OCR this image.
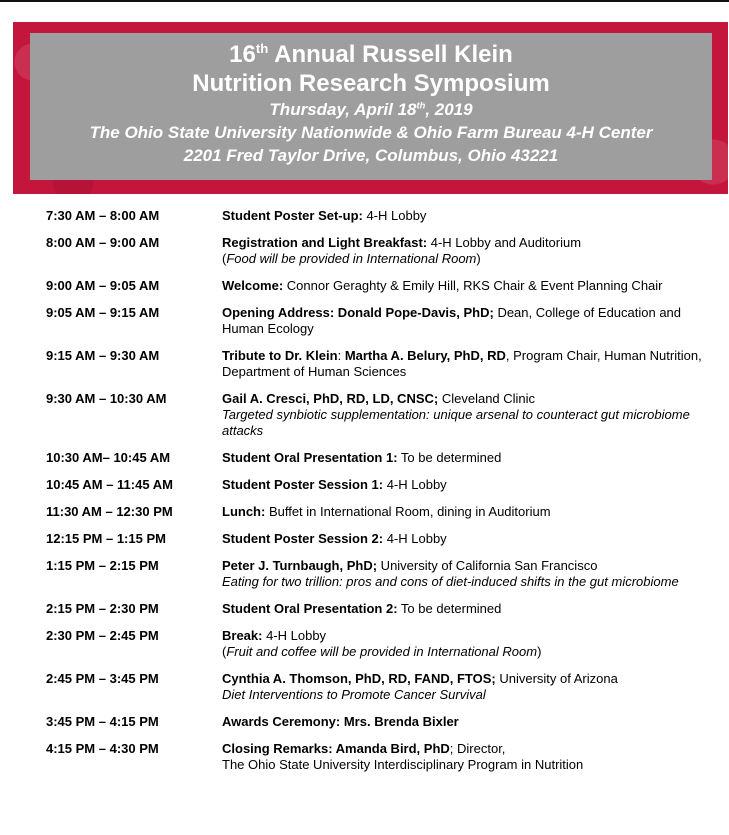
16th Annual Russell Klein
Nutrition Research Symposium
Thursday, April 18th, 2019
The Ohio State University Nationwide & Ohio Farm Bureau 4-H Center
2201 Fred Taylor Drive, Columbus, Ohio 43221
7:30 AM – 8:00 AM	Student Poster Set-up: 4-H Lobby
8:00 AM – 9:00 AM	Registration and Light Breakfast: 4-H Lobby and Auditorium
(Food will be provided in International Room)
9:00 AM – 9:05 AM	Welcome: Connor Geraghty & Emily Hill, RKS Chair & Event Planning Chair
9:05 AM – 9:15 AM	Opening Address: Donald Pope-Davis, PhD; Dean, College of Education and Human Ecology
9:15 AM – 9:30 AM	Tribute to Dr. Klein: Martha A. Belury, PhD, RD, Program Chair, Human Nutrition, Department of Human Sciences
9:30 AM – 10:30 AM	Gail A. Cresci, PhD, RD, LD, CNSC; Cleveland Clinic
Targeted synbiotic supplementation: unique arsenal to counteract gut microbiome attacks
10:30 AM– 10:45 AM	Student Oral Presentation 1: To be determined
10:45 AM – 11:45 AM	Student Poster Session 1: 4-H Lobby
11:30 AM – 12:30 PM	Lunch: Buffet in International Room, dining in Auditorium
12:15 PM – 1:15 PM	Student Poster Session 2: 4-H Lobby
1:15 PM – 2:15 PM	Peter J. Turnbaugh, PhD; University of California San Francisco
Eating for two trillion: pros and cons of diet-induced shifts in the gut microbiome
2:15 PM – 2:30 PM	Student Oral Presentation 2: To be determined
2:30 PM – 2:45 PM	Break: 4-H Lobby
(Fruit and coffee will be provided in International Room)
2:45 PM – 3:45 PM	Cynthia A. Thomson, PhD, RD, FAND, FTOS; University of Arizona
Diet Interventions to Promote Cancer Survival
3:45 PM – 4:15 PM	Awards Ceremony: Mrs. Brenda Bixler
4:15 PM – 4:30 PM	Closing Remarks: Amanda Bird, PhD; Director,
The Ohio State University Interdisciplinary Program in Nutrition
